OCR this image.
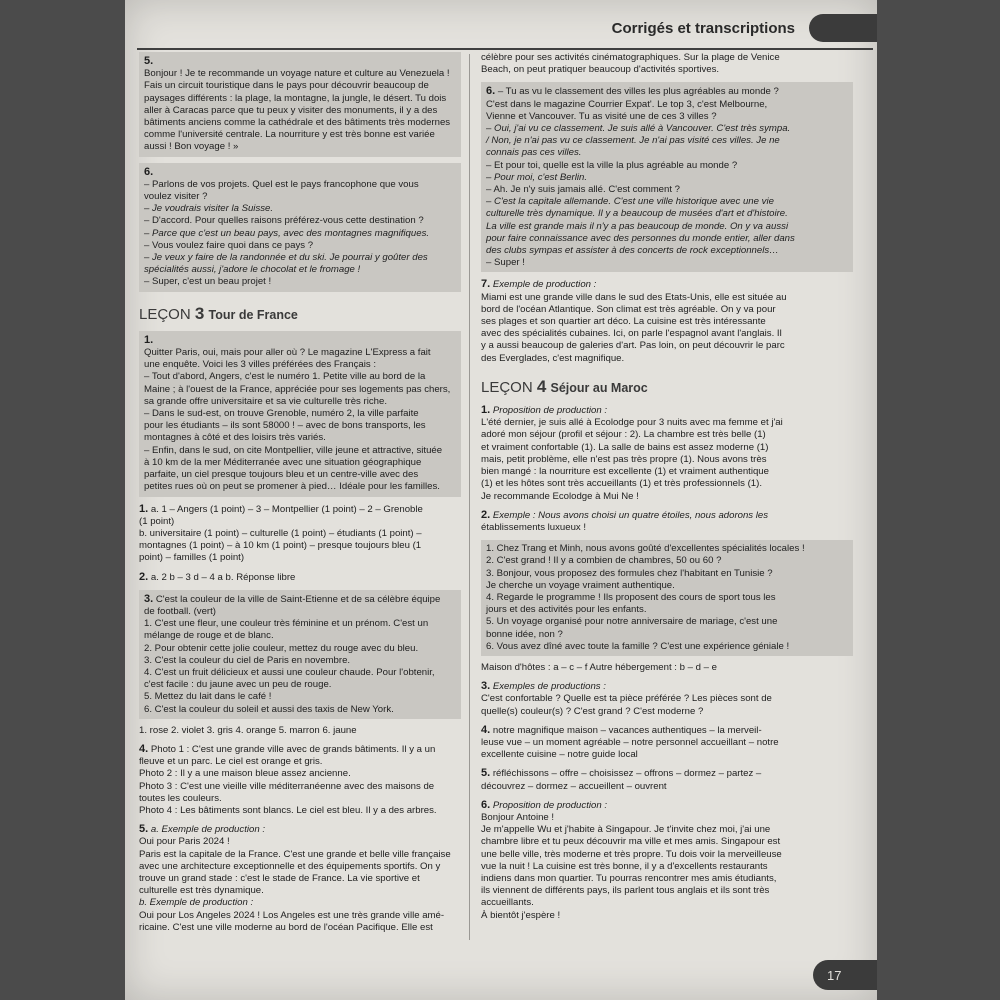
Corrigés et transcriptions
5.
Bonjour ! Je te recommande un voyage nature et culture au Venezuela !
Fais un circuit touristique dans le pays pour découvrir beaucoup de
paysages différents : la plage, la montagne, la jungle, le désert. Tu dois
aller à Caracas parce que tu peux y visiter des monuments, il y a des
bâtiments anciens comme la cathédrale et des bâtiments très modernes
comme l'université centrale. La nourriture y est très bonne est variée
aussi ! Bon voyage ! »
6.
– Parlons de vos projets. Quel est le pays francophone que vous
voulez visiter ?
– Je voudrais visiter la Suisse.
– D'accord. Pour quelles raisons préférez-vous cette destination ?
– Parce que c'est un beau pays, avec des montagnes magnifiques.
– Vous voulez faire quoi dans ce pays ?
– Je veux y faire de la randonnée et du ski. Je pourrai y goûter des
spécialités aussi, j'adore le chocolat et le fromage !
– Super, c'est un beau projet !
LEÇON 3 Tour de France
1.
Quitter Paris, oui, mais pour aller où ? Le magazine L'Express a fait
une enquête. Voici les 3 villes préférées des Français :
– Tout d'abord, Angers, c'est le numéro 1. Petite ville au bord de la
Maine ; à l'ouest de la France, appréciée pour ses logements pas chers,
sa grande offre universitaire et sa vie culturelle très riche.
– Dans le sud-est, on trouve Grenoble, numéro 2, la ville parfaite
pour les étudiants – ils sont 58000 ! – avec de bons transports, les
montagnes à côté et des loisirs très variés.
– Enfin, dans le sud, on cite Montpellier, ville jeune et attractive, située
à 10 km de la mer Méditerranée avec une situation géographique
parfaite, un ciel presque toujours bleu et un centre-ville avec des
petites rues où on peut se promener à pied… Idéale pour les familles.
1. a. 1 – Angers (1 point) – 3 – Montpellier (1 point) – 2 – Grenoble
(1 point)
b. universitaire (1 point) – culturelle (1 point) – étudiants (1 point) –
montagnes (1 point) – à 10 km (1 point) – presque toujours bleu (1
point) – familles (1 point)
2. a. 2 b – 3 d – 4 a b. Réponse libre
3. C'est la couleur de la ville de Saint-Etienne et de sa célèbre équipe
de football. (vert)
1. C'est une fleur, une couleur très féminine et un prénom. C'est un
mélange de rouge et de blanc.
2. Pour obtenir cette jolie couleur, mettez du rouge avec du bleu.
3. C'est la couleur du ciel de Paris en novembre.
4. C'est un fruit délicieux et aussi une couleur chaude. Pour l'obtenir,
c'est facile : du jaune avec un peu de rouge.
5. Mettez du lait dans le café !
6. C'est la couleur du soleil et aussi des taxis de New York.
1. rose 2. violet 3. gris 4. orange 5. marron 6. jaune
4. Photo 1 : C'est une grande ville avec de grands bâtiments. Il y a un
fleuve et un parc. Le ciel est orange et gris.
Photo 2 : Il y a une maison bleue assez ancienne.
Photo 3 : C'est une vieille ville méditerranéenne avec des maisons de
toutes les couleurs.
Photo 4 : Les bâtiments sont blancs. Le ciel est bleu. Il y a des arbres.
5. a. Exemple de production :
Oui pour Paris 2024 !
Paris est la capitale de la France. C'est une grande et belle ville française
avec une architecture exceptionnelle et des équipements sportifs. On y
trouve un grand stade : c'est le stade de France. La vie sportive et
culturelle est très dynamique.
b. Exemple de production :
Oui pour Los Angeles 2024 ! Los Angeles est une très grande ville amé-
ricaine. C'est une ville moderne au bord de l'océan Pacifique. Elle est
célèbre pour ses activités cinématographiques. Sur la plage de Venice
Beach, on peut pratiquer beaucoup d'activités sportives.
6. – Tu as vu le classement des villes les plus agréables au monde ?
C'est dans le magazine Courrier Expat'. Le top 3, c'est Melbourne,
Vienne et Vancouver. Tu as visité une de ces 3 villes ?
– Oui, j'ai vu ce classement. Je suis allé à Vancouver. C'est très sympa.
/ Non, je n'ai pas vu ce classement. Je n'ai pas visité ces villes. Je ne
connais pas ces villes.
– Et pour toi, quelle est la ville la plus agréable au monde ?
– Pour moi, c'est Berlin.
– Ah. Je n'y suis jamais allé. C'est comment ?
– C'est la capitale allemande. C'est une ville historique avec une vie
culturelle très dynamique. Il y a beaucoup de musées d'art et d'histoire.
La ville est grande mais il n'y a pas beaucoup de monde. On y va aussi
pour faire connaissance avec des personnes du monde entier, aller dans
des clubs sympas et assister à des concerts de rock exceptionnels…
– Super !
7. Exemple de production :
Miami est une grande ville dans le sud des Etats-Unis, elle est située au
bord de l'océan Atlantique. Son climat est très agréable. On y va pour
ses plages et son quartier art déco. La cuisine est très intéressante
avec des spécialités cubaines. Ici, on parle l'espagnol avant l'anglais. Il
y a aussi beaucoup de galeries d'art. Pas loin, on peut découvrir le parc
des Everglades, c'est magnifique.
LEÇON 4 Séjour au Maroc
1. Proposition de production :
L'été dernier, je suis allé à Ecolodge pour 3 nuits avec ma femme et j'ai
adoré mon séjour (profil et séjour : 2). La chambre est très belle (1)
et vraiment confortable (1). La salle de bains est assez moderne (1)
mais, petit problème, elle n'est pas très propre (1). Nous avons très
bien mangé : la nourriture est excellente (1) et vraiment authentique
(1) et les hôtes sont très accueillants (1) et très professionnels (1).
Je recommande Ecolodge à Mui Ne !
2. Exemple : Nous avons choisi un quatre étoiles, nous adorons les
établissements luxueux !
1. Chez Trang et Minh, nous avons goûté d'excellentes spécialités locales !
2. C'est grand ! Il y a combien de chambres, 50 ou 60 ?
3. Bonjour, vous proposez des formules chez l'habitant en Tunisie ?
Je cherche un voyage vraiment authentique.
4. Regarde le programme ! Ils proposent des cours de sport tous les
jours et des activités pour les enfants.
5. Un voyage organisé pour notre anniversaire de mariage, c'est une
bonne idée, non ?
6. Vous avez dîné avec toute la famille ? C'est une expérience géniale !
Maison d'hôtes : a – c – f Autre hébergement : b – d – e
3. Exemples de productions :
C'est confortable ? Quelle est ta pièce préférée ? Les pièces sont de
quelle(s) couleur(s) ? C'est grand ? C'est moderne ?
4. notre magnifique maison – vacances authentiques – la merveil-
leuse vue – un moment agréable – notre personnel accueillant – notre
excellente cuisine – notre guide local
5. réfléchissons – offre – choisissez – offrons – dormez – partez –
découvrez – dormez – accueillent – ouvrent
6. Proposition de production :
Bonjour Antoine !
Je m'appelle Wu et j'habite à Singapour. Je t'invite chez moi, j'ai une
chambre libre et tu peux découvrir ma ville et mes amis. Singapour est
une belle ville, très moderne et très propre. Tu dois voir la merveilleuse
vue la nuit ! La cuisine est très bonne, il y a d'excellents restaurants
indiens dans mon quartier. Tu pourras rencontrer mes amis étudiants,
ils viennent de différents pays, ils parlent tous anglais et ils sont très
accueillants.
À bientôt j'espère !
17
